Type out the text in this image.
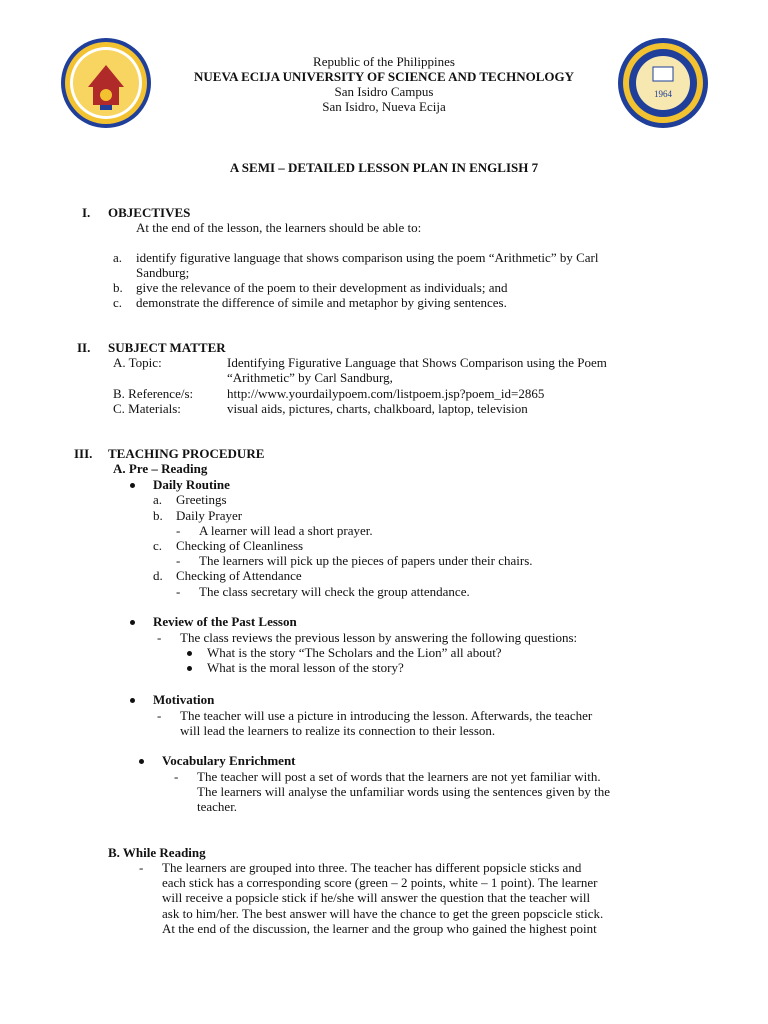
1964
Republic of the Philippines
NUEVA ECIJA UNIVERSITY OF SCIENCE AND TECHNOLOGY
San Isidro Campus
San Isidro, Nueva Ecija
A SEMI – DETAILED LESSON PLAN IN ENGLISH 7
I. OBJECTIVES
At the end of the lesson, the learners should be able to:
a. identify figurative language that shows comparison using the poem “Arithmetic” by Carl
Sandburg;
b. give the relevance of the poem to their development as individuals; and
c. demonstrate the difference of simile and metaphor by giving sentences.
II. SUBJECT MATTER
A. Topic:	Identifying Figurative Language that Shows Comparison using the Poem
“Arithmetic” by Carl Sandburg,
B. Reference/s:	http://www.yourdailypoem.com/listpoem.jsp?poem_id=2865
C. Materials:	visual aids, pictures, charts, chalkboard, laptop, television
III. TEACHING PROCEDURE
A. Pre – Reading
Daily Routine
a. Greetings
b. Daily Prayer
- A learner will lead a short prayer.
c. Checking of Cleanliness
- The learners will pick up the pieces of papers under their chairs.
d. Checking of Attendance
- The class secretary will check the group attendance.
Review of the Past Lesson
- The class reviews the previous lesson by answering the following questions:
What is the story “The Scholars and the Lion” all about?
What is the moral lesson of the story?
Motivation
- The teacher will use a picture in introducing the lesson. Afterwards, the teacher
will lead the learners to realize its connection to their lesson.
Vocabulary Enrichment
- The teacher will post a set of words that the learners are not yet familiar with.
The learners will analyse the unfamiliar words using the sentences given by the
teacher.
B. While Reading
- The learners are grouped into three. The teacher has different popsicle sticks and
each stick has a corresponding score (green – 2 points, white – 1 point). The learner
will receive a popsicle stick if he/she will answer the question that the teacher will
ask to him/her. The best answer will have the chance to get the green popscicle stick.
At the end of the discussion, the learner and the group who gained the highest point
